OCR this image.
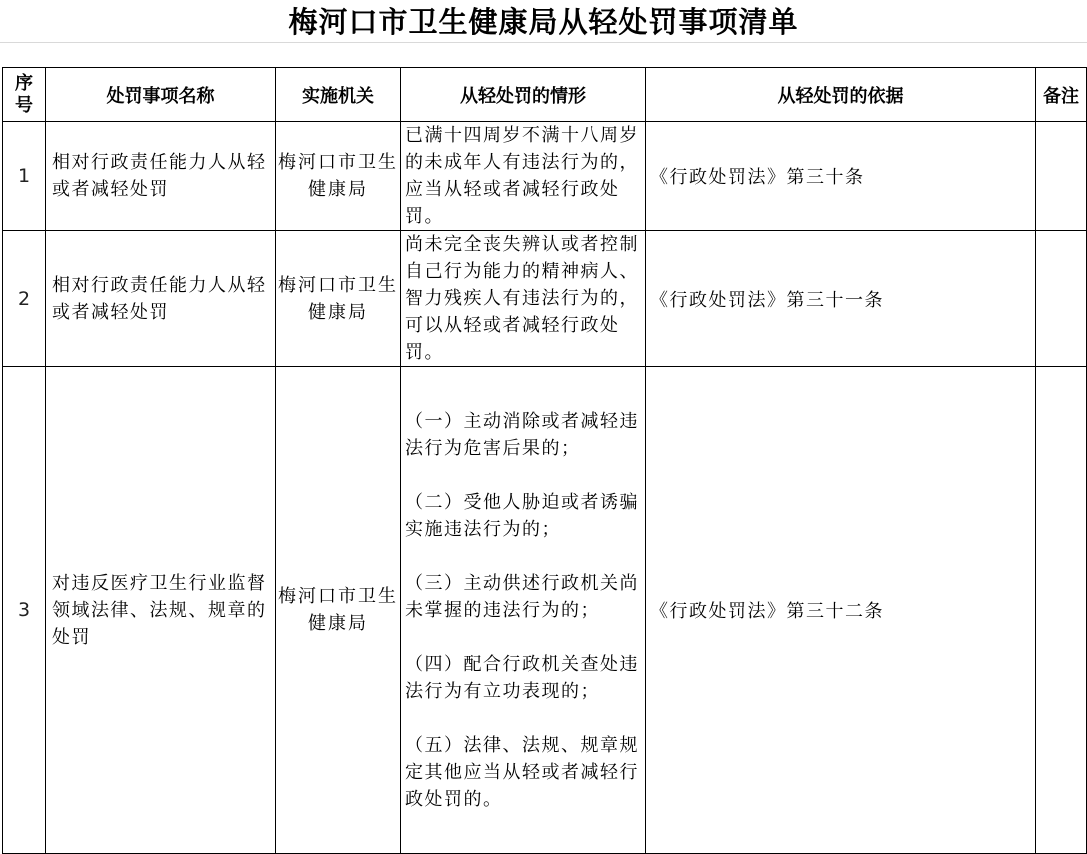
梅河口市卫生健康局从轻处罚事项清单
序号	处罚事项名称	实施机关	从轻处罚的情形	从轻处罚的依据	备注
1	相对行政责任能力人从轻或者减轻处罚	梅河口市卫生健康局	已满十四周岁不满十八周岁的未成年人有违法行为的，应当从轻或者减轻行政处罚。	《行政处罚法》第三十条	
2	相对行政责任能力人从轻或者减轻处罚	梅河口市卫生健康局	尚未完全丧失辨认或者控制自己行为能力的精神病人、智力残疾人有违法行为的，可以从轻或者减轻行政处罚。	《行政处罚法》第三十一条	
3	对违反医疗卫生行业监督领域法律、法规、规章的处罚	梅河口市卫生健康局	（一）主动消除或者减轻违法行为危害后果的；
（二）受他人胁迫或者诱骗实施违法行为的；
（三）主动供述行政机关尚未掌握的违法行为的；
（四）配合行政机关查处违法行为有立功表现的；
（五）法律、法规、规章规定其他应当从轻或者减轻行政处罚的。	《行政处罚法》第三十二条	
